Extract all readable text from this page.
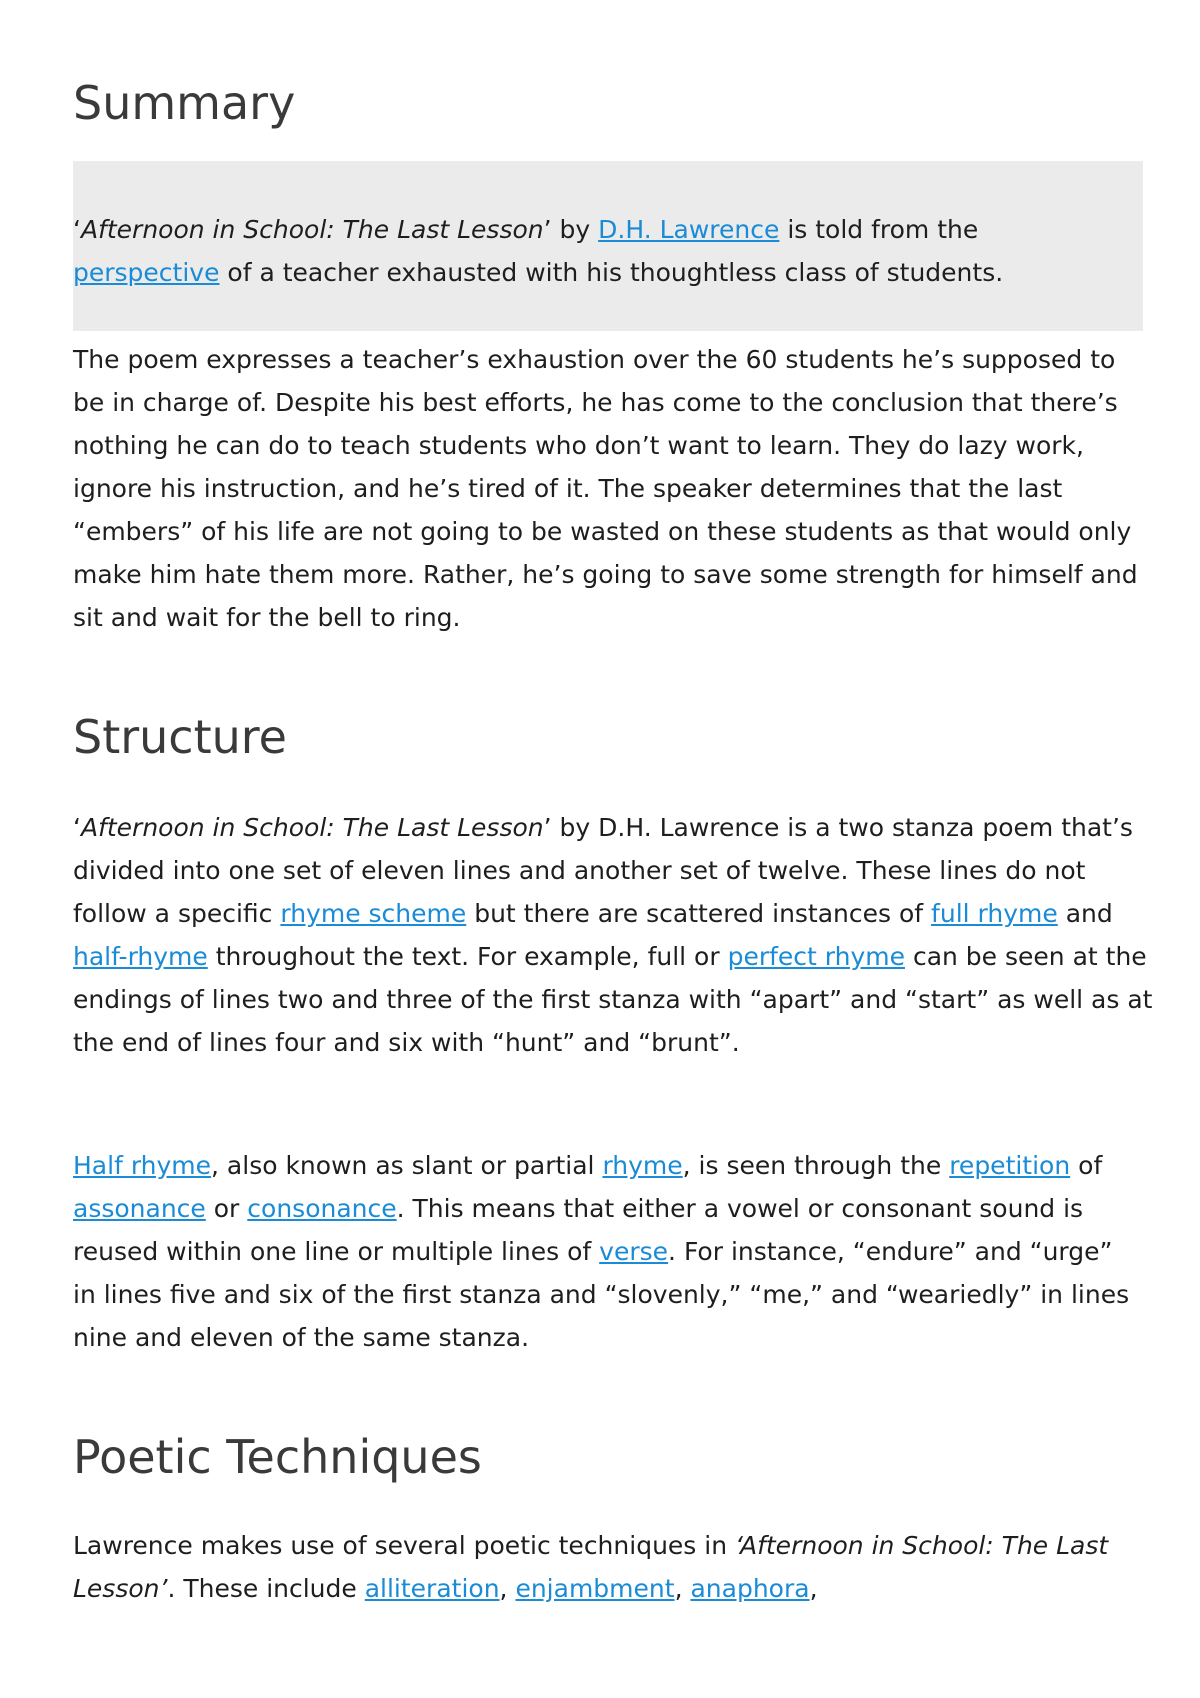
Summary

‘Afternoon in School: The Last Lesson’ by D.H. Lawrence is told from the perspective of a teacher exhausted with his thoughtless class of students.

The poem expresses a teacher’s exhaustion over the 60 students he’s supposed to be in charge of. Despite his best efforts, he has come to the conclusion that there’s nothing he can do to teach students who don’t want to learn. They do lazy work, ignore his instruction, and he’s tired of it. The speaker determines that the last “embers” of his life are not going to be wasted on these students as that would only make him hate them more. Rather, he’s going to save some strength for himself and sit and wait for the bell to ring.

Structure

‘Afternoon in School: The Last Lesson’ by D.H. Lawrence is a two stanza poem that’s divided into one set of eleven lines and another set of twelve. These lines do not follow a specific rhyme scheme but there are scattered instances of full rhyme and half-rhyme throughout the text. For example, full or perfect rhyme can be seen at the endings of lines two and three of the first stanza with “apart” and “start” as well as at the end of lines four and six with “hunt” and “brunt”.

Half rhyme, also known as slant or partial rhyme, is seen through the repetition of assonance or consonance. This means that either a vowel or consonant sound is reused within one line or multiple lines of verse. For instance, “endure” and “urge” in lines five and six of the first stanza and “slovenly,” “me,” and “weariedly” in lines nine and eleven of the same stanza.

Poetic Techniques

Lawrence makes use of several poetic techniques in ‘Afternoon in School: The Last Lesson’. These include alliteration, enjambment, anaphora,
